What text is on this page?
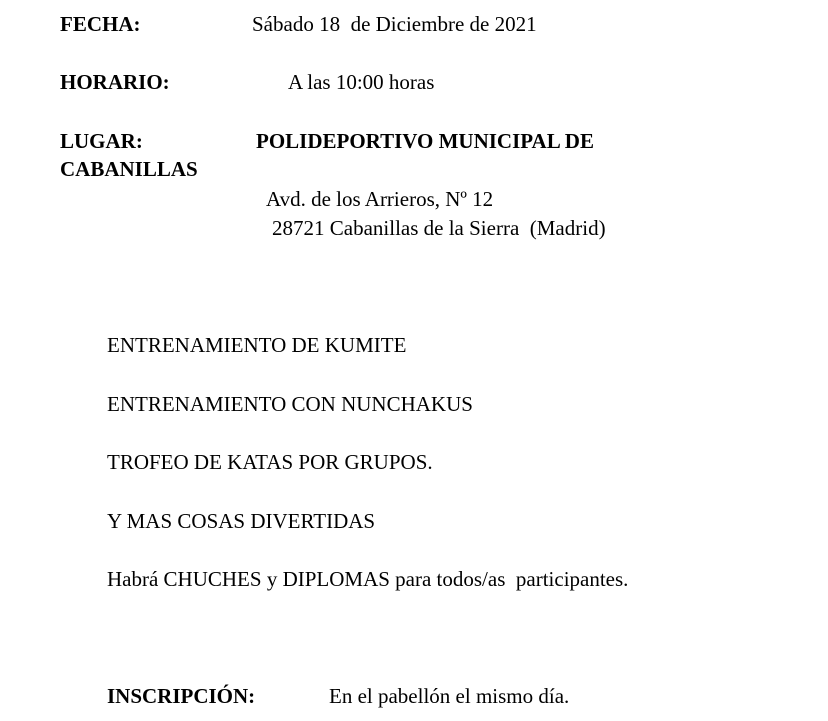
FECHA:	Sábado 18  de Diciembre de 2021
HORARIO:	A las 10:00 horas
LUGAR:	POLIDEPORTIVO MUNICIPAL DE
CABANILLAS
Avd. de los Arrieros, Nº 12
28721 Cabanillas de la Sierra  (Madrid)
ENTRENAMIENTO DE KUMITE
ENTRENAMIENTO CON NUNCHAKUS
TROFEO DE KATAS POR GRUPOS.
Y MAS COSAS DIVERTIDAS
Habrá CHUCHES y DIPLOMAS para todos/as  participantes.
INSCRIPCIÓN:	En el pabellón el mismo día.
